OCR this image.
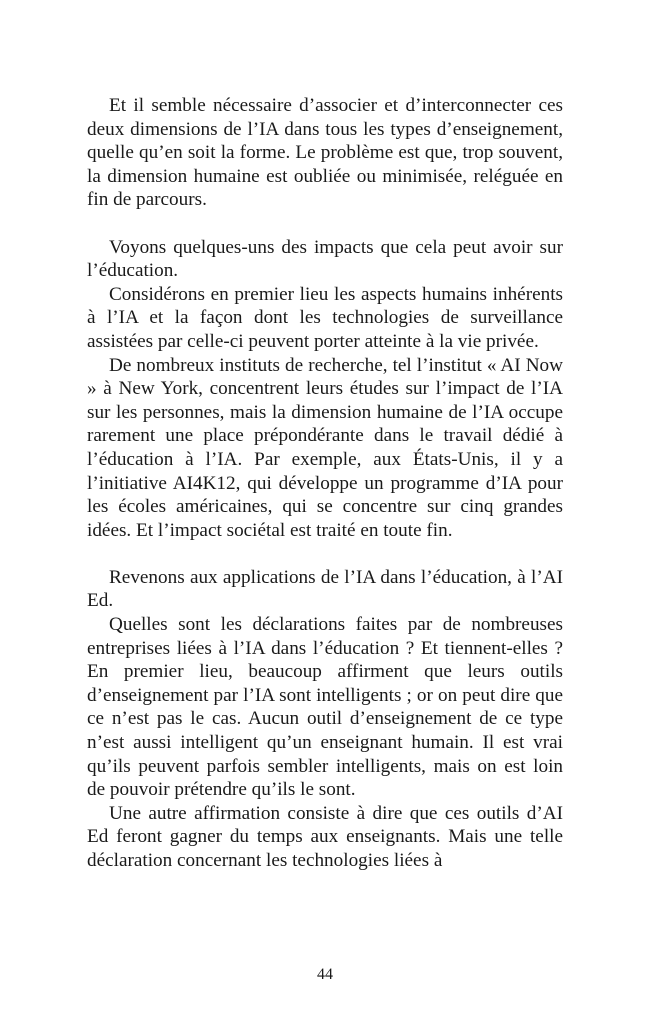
Et il semble nécessaire d’associer et d’interconnecter ces deux dimensions de l’IA dans tous les types d’enseignement, quelle qu’en soit la forme. Le problème est que, trop souvent, la dimension humaine est oubliée ou minimisée, reléguée en fin de parcours.

Voyons quelques-uns des impacts que cela peut avoir sur l’éducation.

Considérons en premier lieu les aspects humains inhérents à l’IA et la façon dont les technologies de surveillance assistées par celle-ci peuvent porter atteinte à la vie privée.

De nombreux instituts de recherche, tel l’institut « AI Now » à New York, concentrent leurs études sur l’impact de l’IA sur les personnes, mais la dimension humaine de l’IA occupe rarement une place prépondérante dans le travail dédié à l’éducation à l’IA. Par exemple, aux États-Unis, il y a l’initiative AI4K12, qui développe un programme d’IA pour les écoles américaines, qui se concentre sur cinq grandes idées. Et l’impact sociétal est traité en toute fin.

Revenons aux applications de l’IA dans l’éducation, à l’AI Ed.

Quelles sont les déclarations faites par de nombreuses entreprises liées à l’IA dans l’éducation ? Et tiennent-elles ? En premier lieu, beaucoup affirment que leurs outils d’enseignement par l’IA sont intelligents ; or on peut dire que ce n’est pas le cas. Aucun outil d’enseignement de ce type n’est aussi intelligent qu’un enseignant humain. Il est vrai qu’ils peuvent parfois sembler intelligents, mais on est loin de pouvoir prétendre qu’ils le sont.

Une autre affirmation consiste à dire que ces outils d’AI Ed feront gagner du temps aux enseignants. Mais une telle déclaration concernant les technologies liées à

44
